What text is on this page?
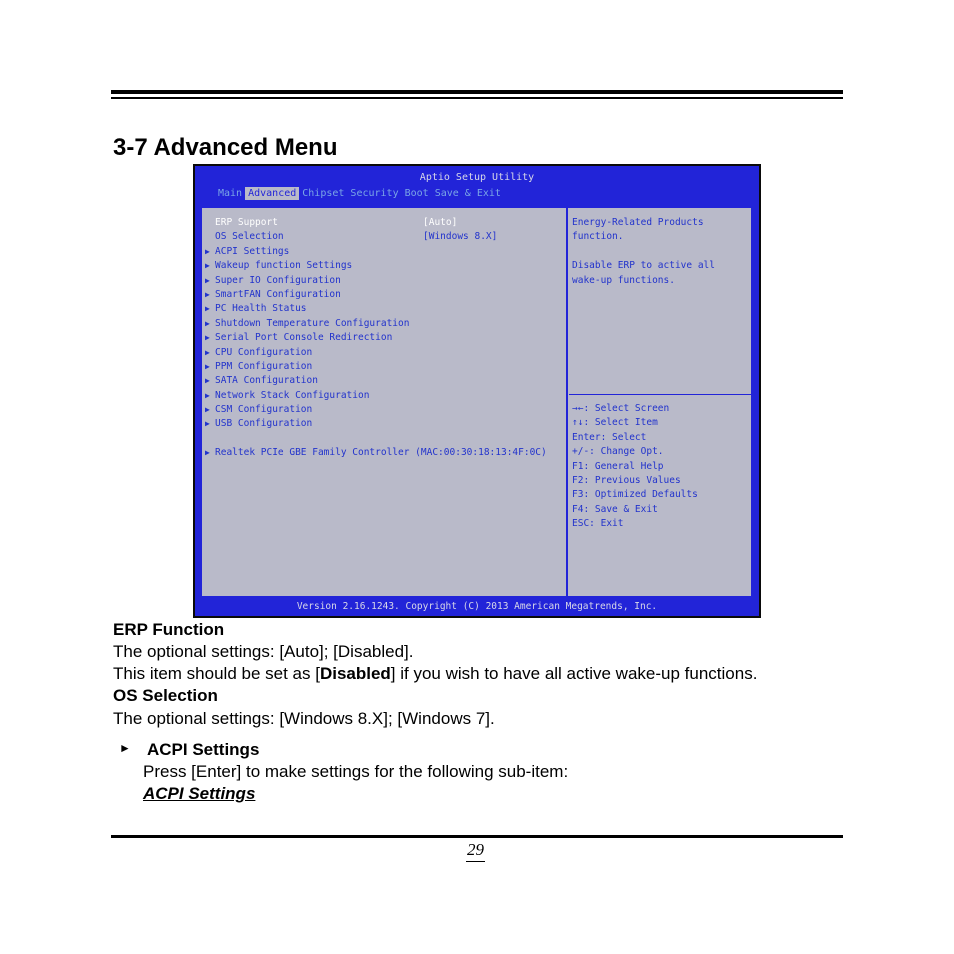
3-7 Advanced Menu
Aptio Setup Utility
Main Advanced Chipset Security Boot Save & Exit
ERP Support	[Auto]
OS Selection	[Windows 8.X]
▶ ACPI Settings
▶ Wakeup function Settings
▶ Super IO Configuration
▶ SmartFAN Configuration
▶ PC Health Status
▶ Shutdown Temperature Configuration
▶ Serial Port Console Redirection
▶ CPU Configuration
▶ PPM Configuration
▶ SATA Configuration
▶ Network Stack Configuration
▶ CSM Configuration
▶ USB Configuration
▶ Realtek PCIe GBE Family Controller (MAC:00:30:18:13:4F:0C)
Energy-Related Products
function.
Disable ERP to active all
wake-up functions.
→←: Select Screen
↑↓: Select Item
Enter: Select
+/-: Change Opt.
F1: General Help
F2: Previous Values
F3: Optimized Defaults
F4: Save & Exit
ESC: Exit
Version 2.16.1243. Copyright (C) 2013 American Megatrends, Inc.

ERP Function

The optional settings: [Auto]; [Disabled].

This item should be set as [Disabled] if you wish to have all active wake-up functions.

OS Selection

The optional settings: [Windows 8.X]; [Windows 7].

► ACPI Settings

Press [Enter] to make settings for the following sub-item:

ACPI Settings

29
